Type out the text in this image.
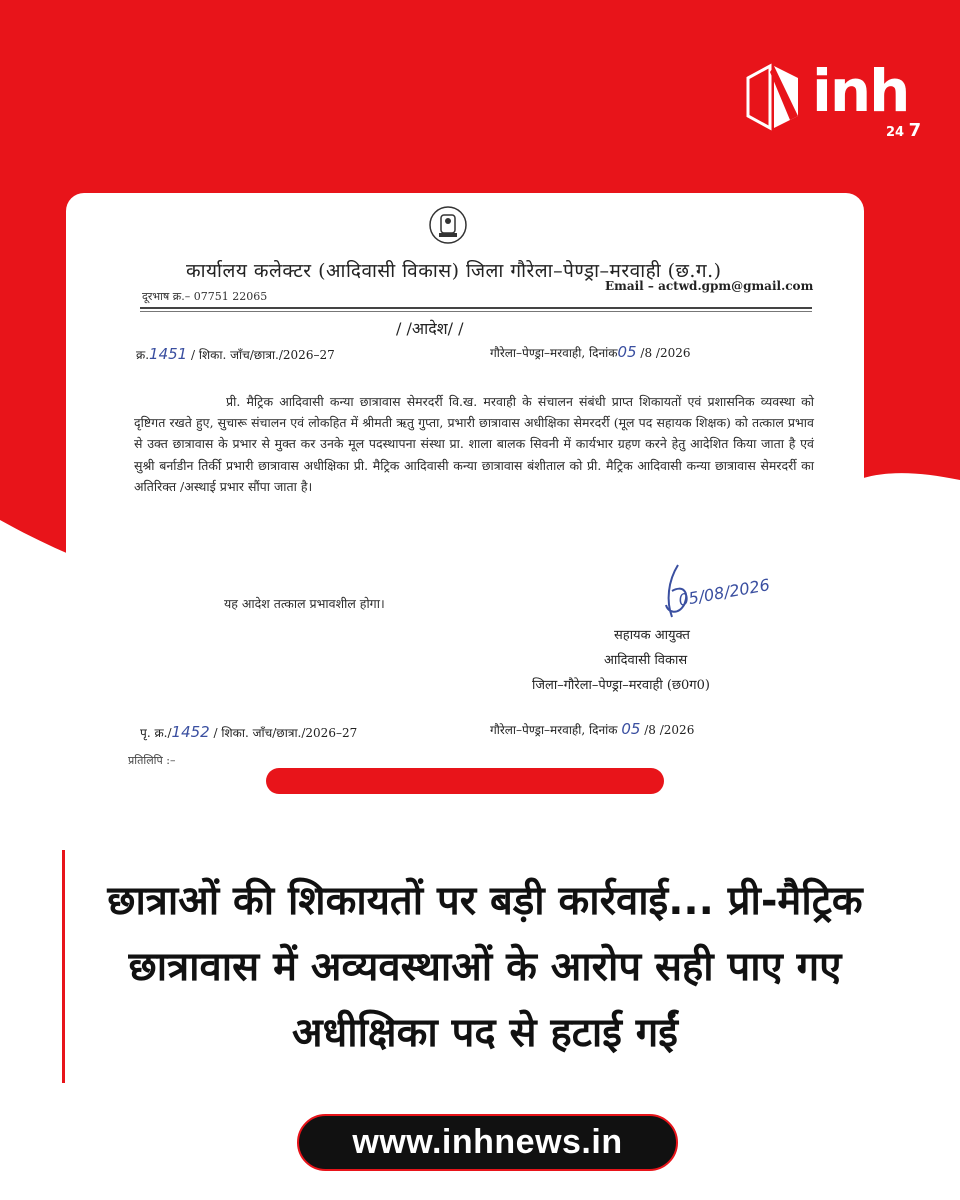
inh
24 7
कार्यालय कलेक्टर (आदिवासी विकास) जिला गौरेला–पेण्ड्रा–मरवाही (छ.ग.)
दूरभाष क्र.– 07751 22065
Email – actwd.gpm@gmail.com
/ /आदेश/ /
क्र.1451 / शिका. जाँच/छात्रा./2026–27	गौरेला–पेण्ड्रा–मरवाही, दिनांक05 /8 /2026
प्री. मैट्रिक आदिवासी कन्या छात्रावास सेमरदर्री वि.ख. मरवाही के संचालन संबंधी प्राप्त शिकायतों एवं प्रशासनिक व्यवस्था को दृष्टिगत रखते हुए, सुचारू संचालन एवं लोकहित में श्रीमती ऋतु गुप्ता, प्रभारी छात्रावास अधीक्षिका सेमरदर्री (मूल पद सहायक शिक्षक) को तत्काल प्रभाव से उक्त छात्रावास के प्रभार से मुक्त कर उनके मूल पदस्थापना संस्था प्रा. शाला बालक सिवनी में कार्यभार ग्रहण करने हेतु आदेशित किया जाता है एवं सुश्री बर्नाडीन तिर्की प्रभारी छात्रावास अधीक्षिका प्री. मैट्रिक आदिवासी कन्या छात्रावास बंशीताल को प्री. मैट्रिक आदिवासी कन्या छात्रावास सेमरदर्री का अतिरिक्त /अस्थाई प्रभार सौंपा जाता है।
यह आदेश तत्काल प्रभावशील होगा।	05/08/2026
सहायक आयुक्त
आदिवासी विकास
जिला–गौरेला–पेण्ड्रा–मरवाही (छ0ग0)
पृ. क्र./1452 / शिका. जाँच/छात्रा./2026–27	गौरेला–पेण्ड्रा–मरवाही, दिनांक 05 /8 /2026
प्रतिलिपि :–
छात्राओं की शिकायतों पर बड़ी कार्रवाई... प्री-मैट्रिक
छात्रावास में अव्यवस्थाओं के आरोप सही पाए गए
अधीक्षिका पद से हटाई गईं
www.inhnews.in
